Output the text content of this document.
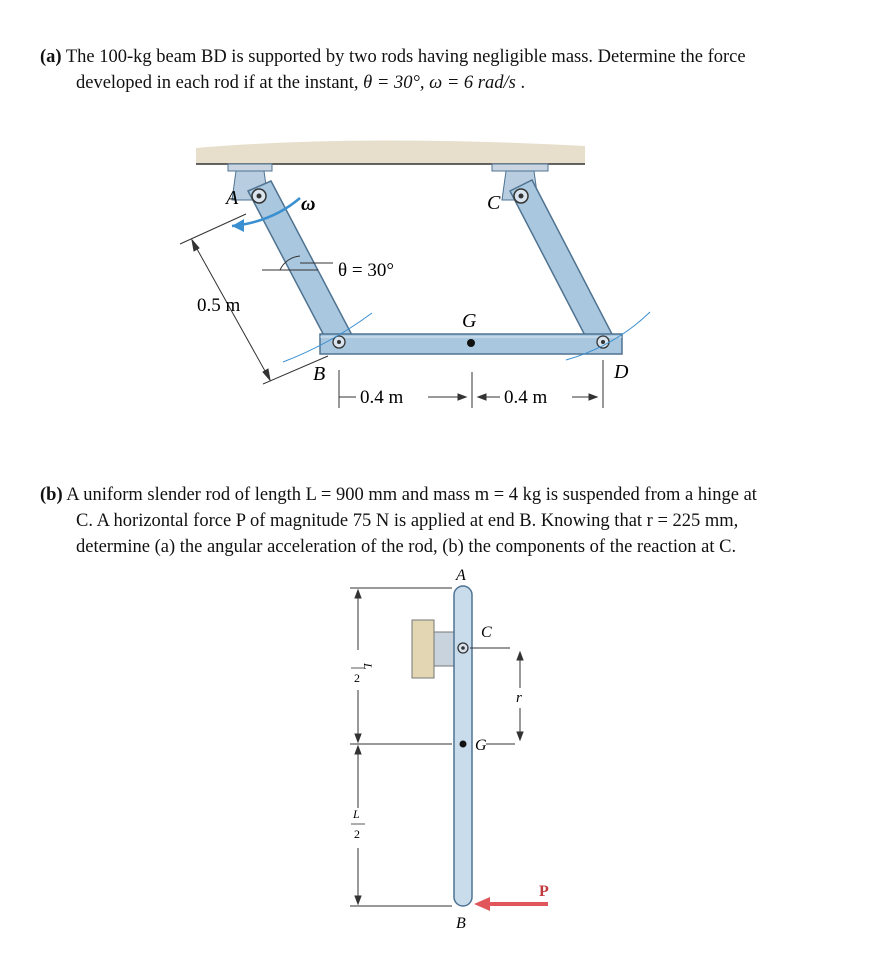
(a) The 100-kg beam BD is supported by two rods having negligible mass. Determine the force

developed in each rod if at the instant, θ = 30°, ω = 6 rad/s .

A	C
ω
θ = 30°
G
0.5 m
B	D
0.4 m	0.4 m

(b) A uniform slender rod of length L = 900 mm and mass m = 4 kg is suspended from a hinge at

C. A horizontal force P of magnitude 75 N is applied at end B. Knowing that r = 225 mm,

determine (a) the angular acceleration of the rod, (b) the components of the reaction at C.

A
C
G
r
B
P
L
2
L
2
